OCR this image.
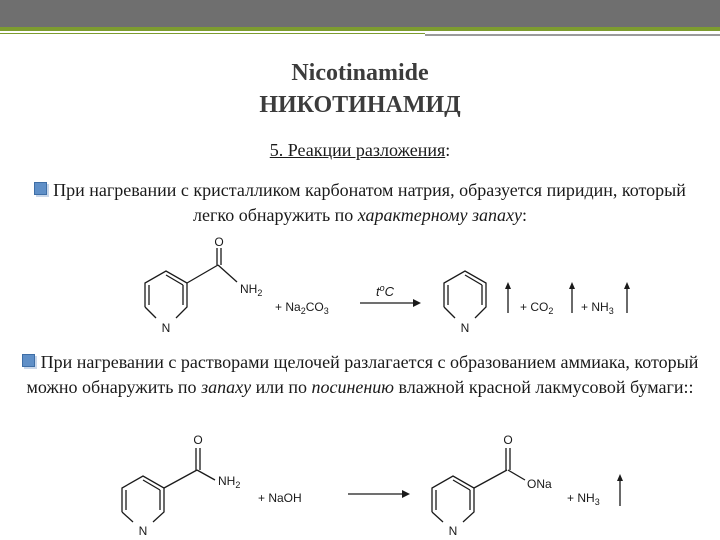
Nicotinamide
НИКОТИНАМИД
5. Реакции разложения:
При нагревании с кристалликом карбонатом натрия, образуется пиридин, который легко обнаружить по характерному запаху:
При нагревании с растворами щелочей разлагается с образованием аммиака, который можно обнаружить по запаху или по посинению влажной красной лакмусовой бумаги::
O
N
$NH_2$
+ $Na_2CO_3$
$t^oC$
N
+ $CO_2 + NH_3$
O
N
$NH_2$
+ NaOH
O
N
ONa
+ $NH_3$
